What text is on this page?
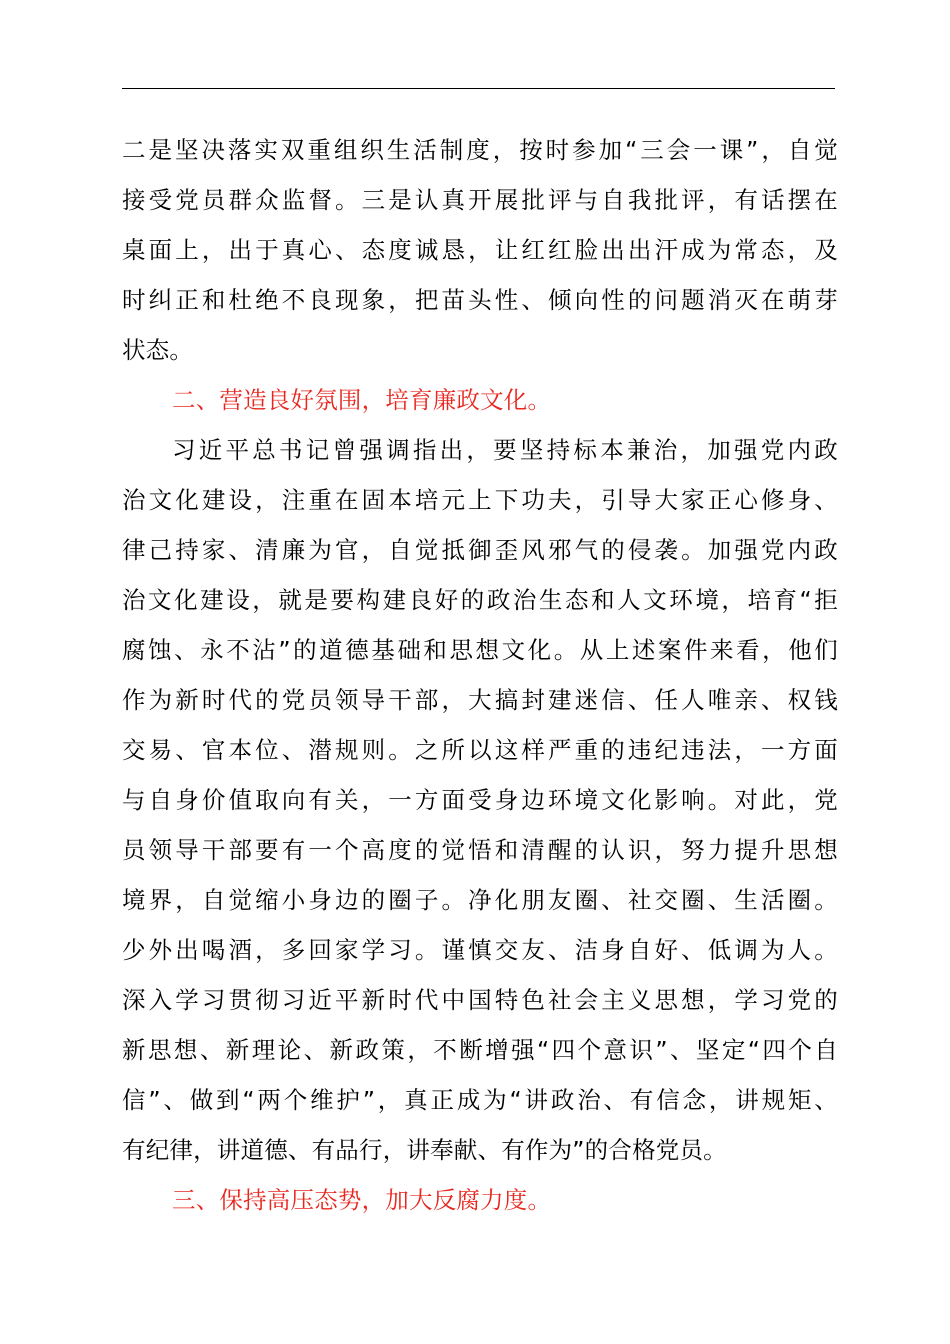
二是坚决落实双重组织生活制度，按时参加“三会一课”，自觉
接受党员群众监督。三是认真开展批评与自我批评，有话摆在
桌面上，出于真心、态度诚恳，让红红脸出出汗成为常态，及
时纠正和杜绝不良现象，把苗头性、倾向性的问题消灭在萌芽
状态。
二、营造良好氛围，培育廉政文化。
习近平总书记曾强调指出，要坚持标本兼治，加强党内政
治文化建设，注重在固本培元上下功夫，引导大家正心修身、
律己持家、清廉为官，自觉抵御歪风邪气的侵袭。加强党内政
治文化建设，就是要构建良好的政治生态和人文环境，培育“拒
腐蚀、永不沾”的道德基础和思想文化。从上述案件来看，他们
作为新时代的党员领导干部，大搞封建迷信、任人唯亲、权钱
交易、官本位、潜规则。之所以这样严重的违纪违法，一方面
与自身价值取向有关，一方面受身边环境文化影响。对此，党
员领导干部要有一个高度的觉悟和清醒的认识，努力提升思想
境界，自觉缩小身边的圈子。净化朋友圈、社交圈、生活圈。
少外出喝酒，多回家学习。谨慎交友、洁身自好、低调为人。
深入学习贯彻习近平新时代中国特色社会主义思想，学习党的
新思想、新理论、新政策，不断增强“四个意识”、坚定“四个自
信”、做到“两个维护”，真正成为“讲政治、有信念，讲规矩、
有纪律，讲道德、有品行，讲奉献、有作为”的合格党员。
三、保持高压态势，加大反腐力度。
